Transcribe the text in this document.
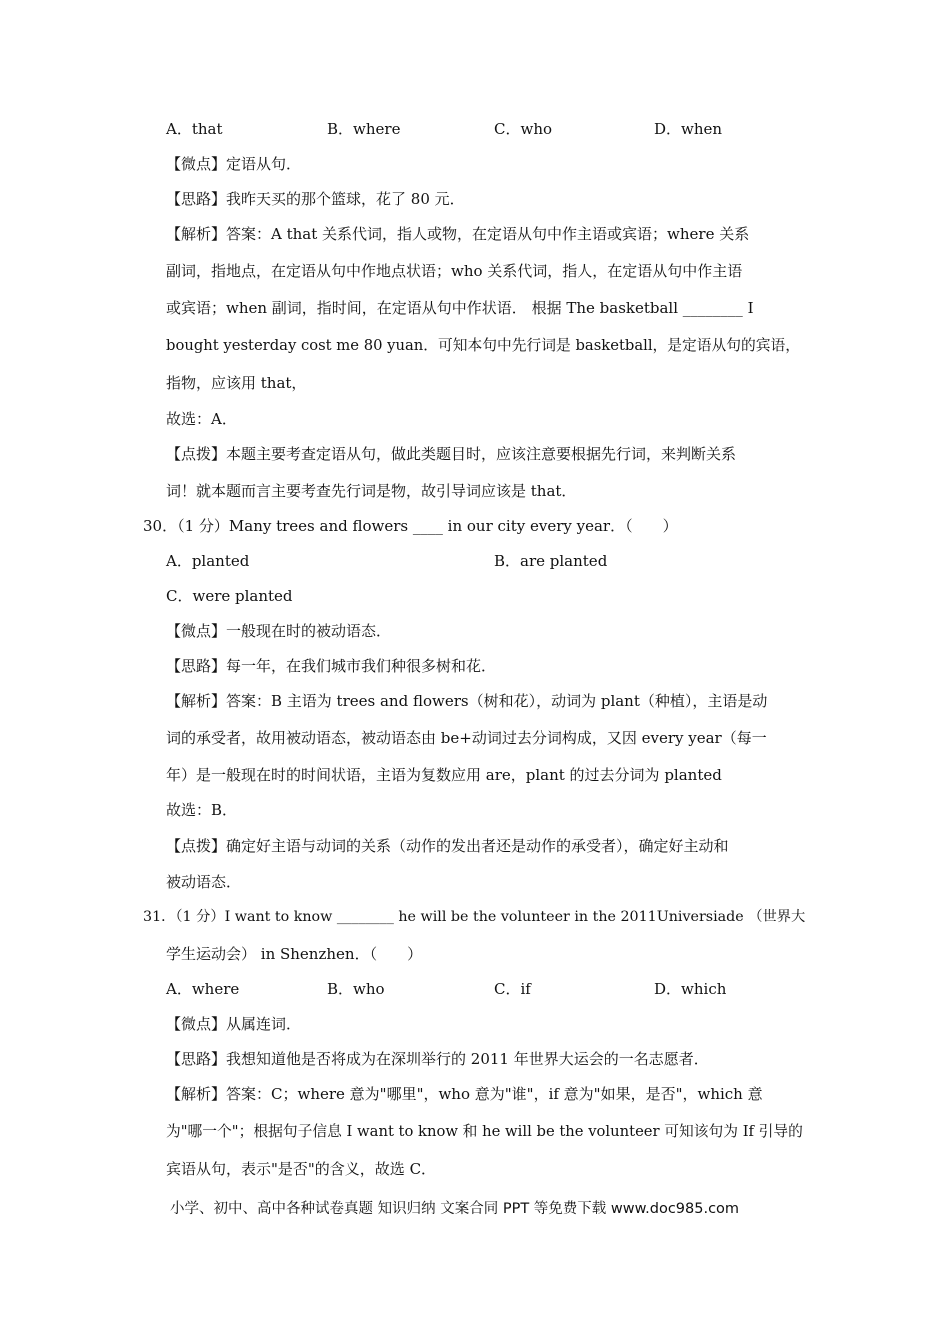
A．that	B．where	C．who	D．when

【微点】定语从句．

【思路】我昨天买的那个篮球，花了 80 元．

【解析】答案：A that 关系代词，指人或物，在定语从句中作主语或宾语；where 关系

副词，指地点，在定语从句中作地点状语；who 关系代词，指人，在定语从句中作主语

或宾语；when 副词，指时间，在定语从句中作状语． 根据 The basketball ________ I

bought yesterday cost me 80 yuan．可知本句中先行词是 basketball，是定语从句的宾语，

指物，应该用 that，

故选：A．

【点拨】本题主要考查定语从句，做此类题目时，应该注意要根据先行词，来判断关系

词！就本题而言主要考查先行词是物，故引导词应该是 that．

30．（1 分）Many trees and flowers ____ in our city every year．（　　）

A．planted	B．are planted
C．were planted

【微点】一般现在时的被动语态．

【思路】每一年，在我们城市我们种很多树和花．

【解析】答案：B 主语为 trees and flowers（树和花），动词为 plant（种植），主语是动

词的承受者，故用被动语态，被动语态由 be+动词过去分词构成，又因 every year（每一

年）是一般现在时的时间状语，主语为复数应用 are，plant 的过去分词为 planted

故选：B．

【点拨】确定好主语与动词的关系（动作的发出者还是动作的承受者），确定好主动和

被动语态．

31．（1 分）I want to know ________ he will be the volunteer in the 2011Universiade （世界大

学生运动会） in Shenzhen．（　　）

A．where	B．who	C．if	D．which

【微点】从属连词．

【思路】我想知道他是否将成为在深圳举行的 2011 年世界大运会的一名志愿者．

【解析】答案：C；where 意为"哪里"，who 意为"谁"，if 意为"如果，是否"，which 意

为"哪一个"；根据句子信息 I want to know 和 he will be the volunteer 可知该句为 If 引导的

宾语从句，表示"是否"的含义，故选 C．

小学、初中、高中各种试卷真题 知识归纳 文案合同 PPT 等免费下载 www.doc985.com
